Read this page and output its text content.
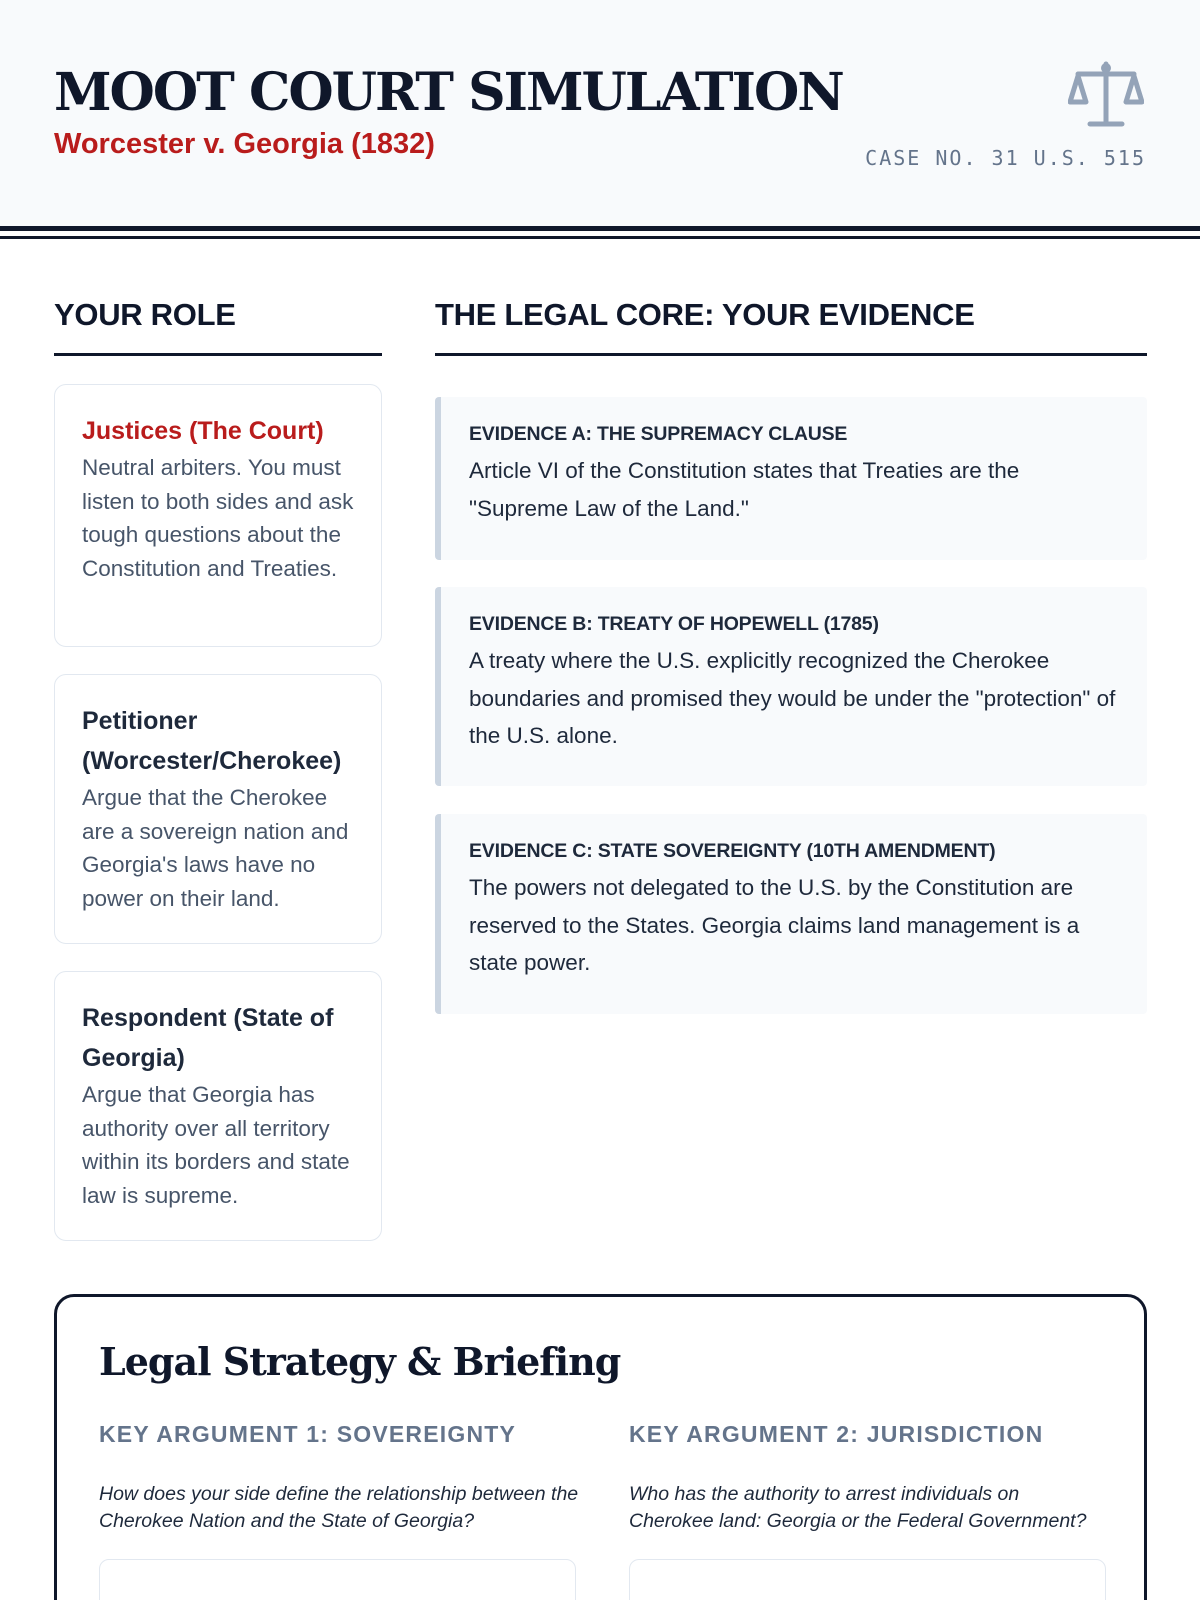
MOOT COURT SIMULATION
Worcester v. Georgia (1832)	CASE NO. 31 U.S. 515
YOUR ROLE
Justices (The Court)
Neutral arbiters. You must listen to both sides and ask tough questions about the Constitution and Treaties.
Petitioner (Worcester/Cherokee)
Argue that the Cherokee are a sovereign nation and Georgia's laws have no power on their land.
Respondent (State of Georgia)
Argue that Georgia has authority over all territory within its borders and state law is supreme.
THE LEGAL CORE: YOUR EVIDENCE
EVIDENCE A: THE SUPREMACY CLAUSE
Article VI of the Constitution states that Treaties are the "Supreme Law of the Land."
EVIDENCE B: TREATY OF HOPEWELL (1785)
A treaty where the U.S. explicitly recognized the Cherokee boundaries and promised they would be under the "protection" of the U.S. alone.
EVIDENCE C: STATE SOVEREIGNTY (10TH AMENDMENT)
The powers not delegated to the U.S. by the Constitution are reserved to the States. Georgia claims land management is a state power.
Legal Strategy & Briefing
KEY ARGUMENT 1: SOVEREIGNTY
How does your side define the relationship between the Cherokee Nation and the State of Georgia?
KEY ARGUMENT 2: JURISDICTION
Who has the authority to arrest individuals on Cherokee land: Georgia or the Federal Government?
